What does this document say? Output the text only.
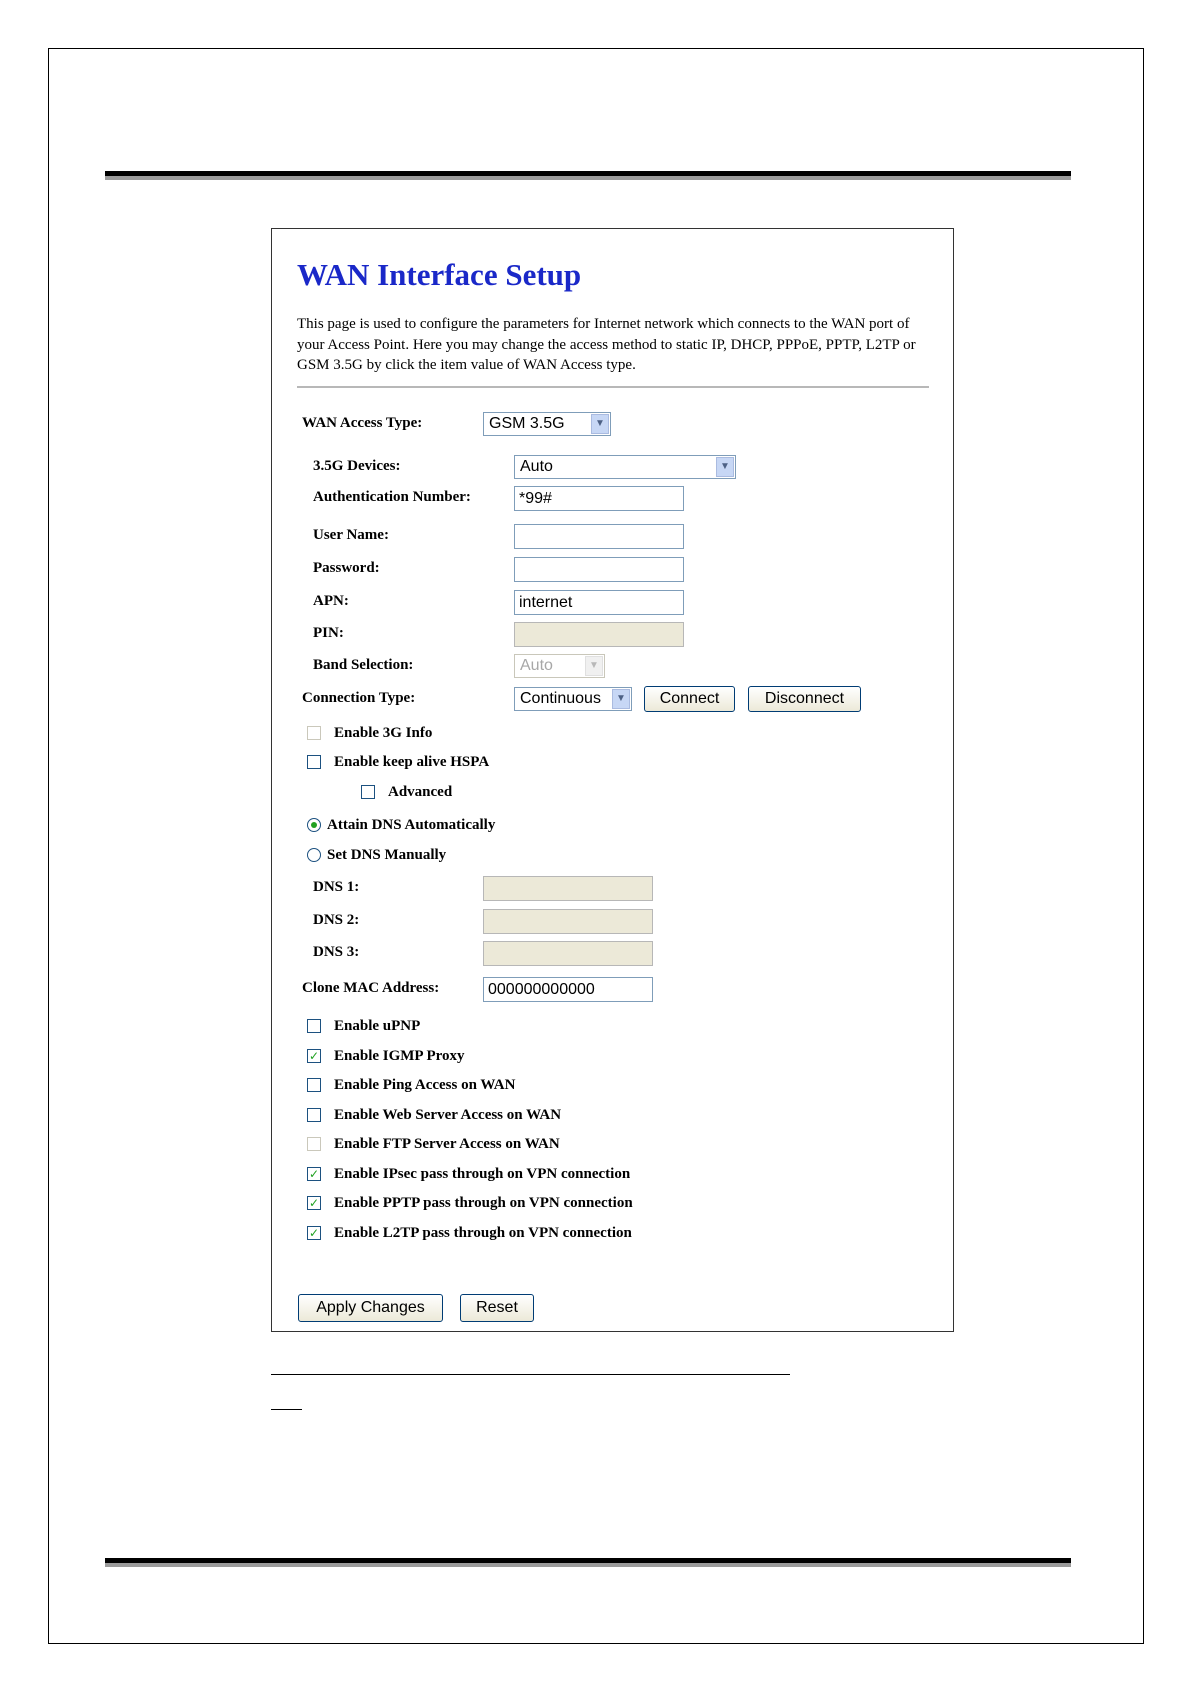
WAN Interface Setup

This page is used to configure the parameters for Internet network which connects to the WAN port of your Access Point. Here you may change the access method to static IP, DHCP, PPPoE, PPTP, L2TP or GSM 3.5G by click the item value of WAN Access type.

WAN Access Type:	GSM 3.5G	▼
3.5G Devices:	Auto	▼
Authentication Number:	*99#
User Name:
Password:
APN:	internet
PIN:
Band Selection:	Auto	▼
Connection Type:	Continuous	▼	Connect	Disconnect
Enable 3G Info
Enable keep alive HSPA
Advanced
Attain DNS Automatically
Set DNS Manually
DNS 1:
DNS 2:
DNS 3:
Clone MAC Address:	000000000000
Enable uPNP
✓ Enable IGMP Proxy
Enable Ping Access on WAN
Enable Web Server Access on WAN
Enable FTP Server Access on WAN
✓ Enable IPsec pass through on VPN connection
✓ Enable PPTP pass through on VPN connection
✓ Enable L2TP pass through on VPN connection
Apply Changes	Reset
